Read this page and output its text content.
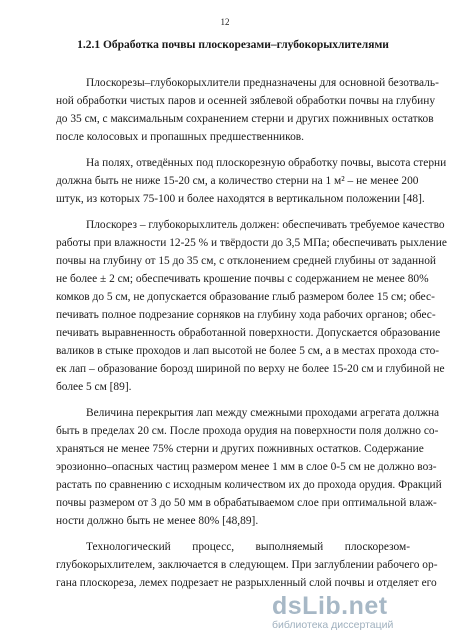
12
1.2.1 Обработка почвы плоскорезами–глубокорыхлителями
Плоскорезы–глубокорыхлители предназначены для основной безотваль-
ной обработки чистых паров и осенней зяблевой обработки почвы на глубину
до 35 см, с максимальным сохранением стерни и других пожнивных остатков
после колосовых и пропашных предшественников.
На полях, отведённых под плоскорезную обработку почвы, высота стерни
должна быть не ниже 15-20 см, а количество стерни на 1 м² – не менее 200
штук, из которых 75-100 и более находятся в вертикальном положении [48].
Плоскорез – глубокорыхлитель должен: обеспечивать требуемое качество
работы при влажности 12-25 % и твёрдости до 3,5 МПа; обеспечивать рыхление
почвы на глубину от 15 до 35 см, с отклонением средней глубины от заданной
не более ± 2 см; обеспечивать крошение почвы с содержанием не менее 80%
комков до 5 см, не допускается образование глыб размером более 15 см; обес-
печивать полное подрезание сорняков на глубину хода рабочих органов; обес-
печивать выравненность обработанной поверхности. Допускается образование
валиков в стыке проходов и лап высотой не более 5 см, а в местах прохода сто-
ек лап – образование борозд шириной по верху не более 15-20 см и глубиной не
более 5 см [89].
Величина перекрытия лап между смежными проходами агрегата должна
быть в пределах 20 см. После прохода орудия на поверхности поля должно со-
храняться не менее 75% стерни и других пожнивных остатков. Содержание
эрозионно–опасных частиц размером менее 1 мм в слое 0-5 см не должно воз-
растать по сравнению с исходным количеством их до прохода орудия. Фракций
почвы размером от 3 до 50 мм в обрабатываемом слое при оптимальной влаж-
ности должно быть не менее 80% [48,89].
Технологический процесс, выполняемый плоскорезом-
глубокорыхлителем, заключается в следующем. При заглублении рабочего ор-
гана плоскореза, лемех подрезает не разрыхленный слой почвы и отделяет его
dsLib.net
библиотека диссертаций
